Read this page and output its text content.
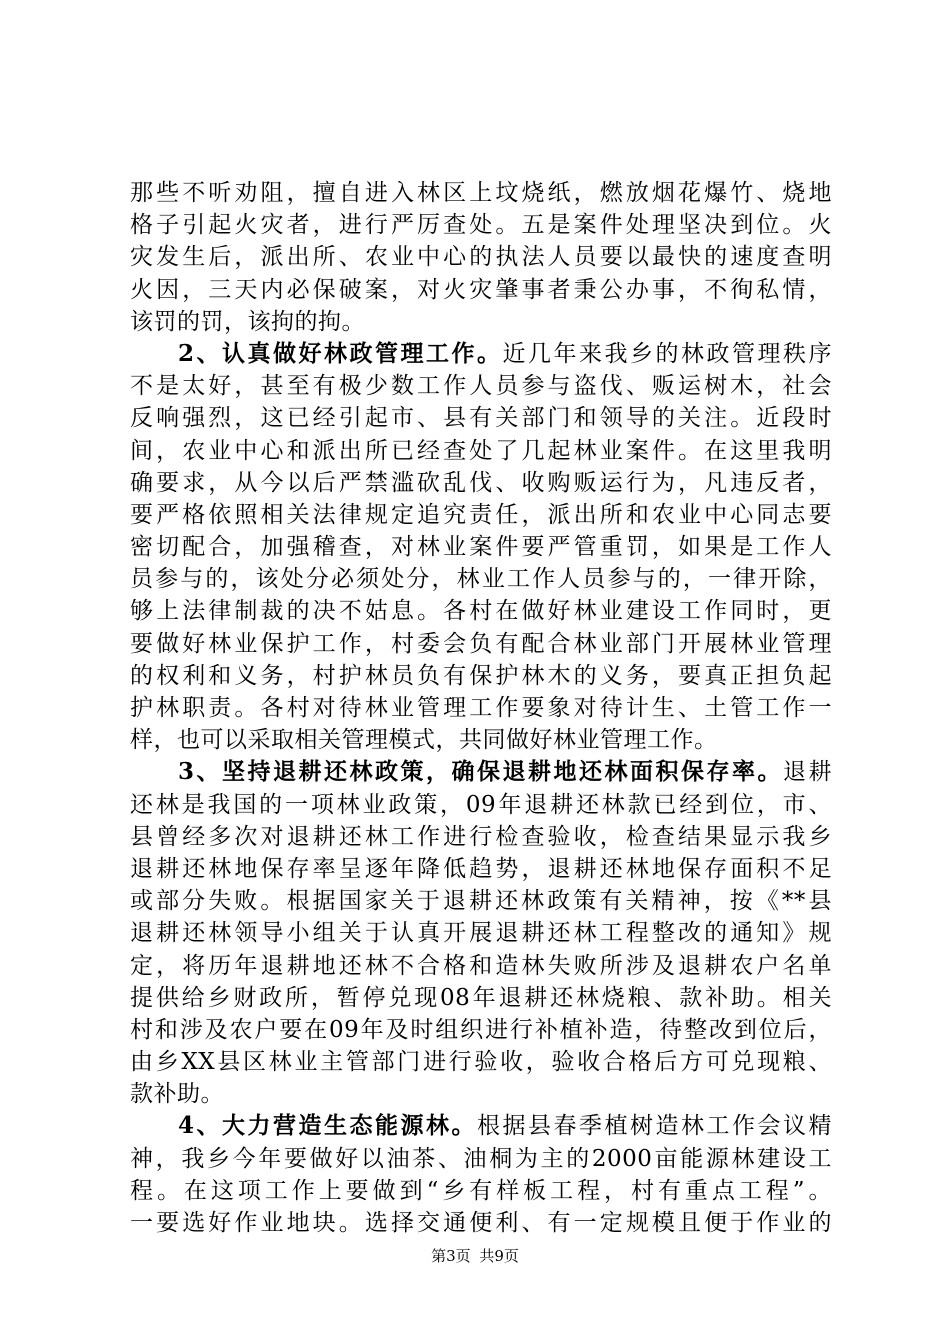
那些不听劝阻，擅自进入林区上坟烧纸，燃放烟花爆竹、烧地
格子引起火灾者，进行严厉查处。五是案件处理坚决到位。火
灾发生后，派出所、农业中心的执法人员要以最快的速度查明
火因，三天内必保破案，对火灾肇事者秉公办事，不徇私情，
该罚的罚，该拘的拘。
2、认真做好林政管理工作。近几年来我乡的林政管理秩序
不是太好，甚至有极少数工作人员参与盗伐、贩运树木，社会
反响强烈，这已经引起市、县有关部门和领导的关注。近段时
间，农业中心和派出所已经查处了几起林业案件。在这里我明
确要求，从今以后严禁滥砍乱伐、收购贩运行为，凡违反者，
要严格依照相关法律规定追究责任，派出所和农业中心同志要
密切配合，加强稽查，对林业案件要严管重罚，如果是工作人
员参与的，该处分必须处分，林业工作人员参与的，一律开除，
够上法律制裁的决不姑息。各村在做好林业建设工作同时，更
要做好林业保护工作，村委会负有配合林业部门开展林业管理
的权利和义务，村护林员负有保护林木的义务，要真正担负起
护林职责。各村对待林业管理工作要象对待计生、土管工作一
样，也可以采取相关管理模式，共同做好林业管理工作。
3、坚持退耕还林政策，确保退耕地还林面积保存率。退耕
还林是我国的一项林业政策，09年退耕还林款已经到位，市、
县曾经多次对退耕还林工作进行检查验收，检查结果显示我乡
退耕还林地保存率呈逐年降低趋势，退耕还林地保存面积不足
或部分失败。根据国家关于退耕还林政策有关精神，按《**县
退耕还林领导小组关于认真开展退耕还林工程整改的通知》规
定，将历年退耕地还林不合格和造林失败所涉及退耕农户名单
提供给乡财政所，暂停兑现08年退耕还林烧粮、款补助。相关
村和涉及农户要在09年及时组织进行补植补造，待整改到位后，
由乡XX县区林业主管部门进行验收，验收合格后方可兑现粮、
款补助。
4、大力营造生态能源林。根据县春季植树造林工作会议精
神，我乡今年要做好以油茶、油桐为主的2000亩能源林建设工
程。在这项工作上要做到“乡有样板工程，村有重点工程”。
一要选好作业地块。选择交通便利、有一定规模且便于作业的
第3页 共9页
